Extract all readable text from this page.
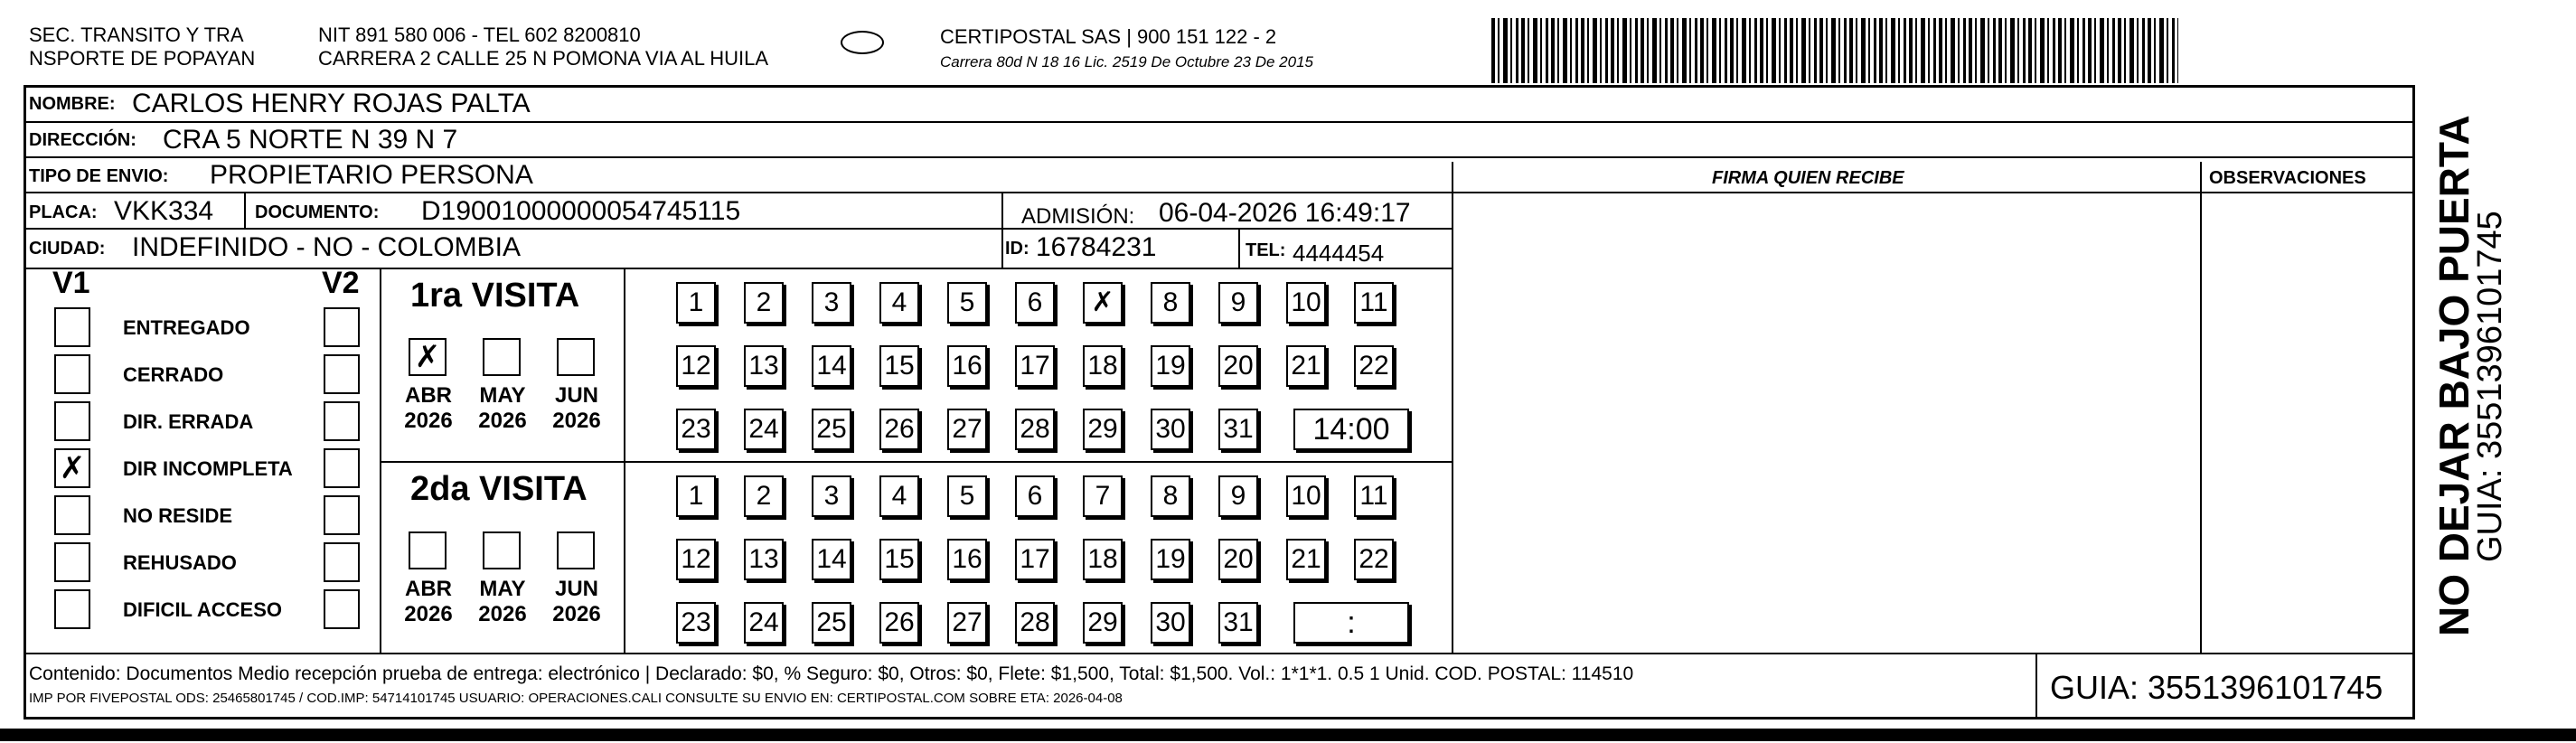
SEC. TRANSITO Y TRA
NSPORTE DE POPAYAN
NIT 891 580 006 - TEL 602 8200810
CARRERA 2 CALLE 25 N POMONA VIA AL HUILA
CERTIPOSTAL SAS | 900 151 122 - 2
Carrera 80d N 18 16 Lic. 2519 De Octubre 23 De 2015
NOMBRE: CARLOS HENRY ROJAS PALTA
DIRECCIÓN: CRA 5 NORTE N 39 N 7
TIPO DE ENVIO: PROPIETARIO PERSONA
PLACA: VKK334 DOCUMENTO: D19001000000054745115	ADMISIÓN: 06-04-2026 16:49:17
CIUDAD: INDEFINIDO - NO - COLOMBIA	ID: 16784231	TEL: 4444454
FIRMA QUIEN RECIBE	OBSERVACIONES
V1	V2
ENTREGADO
CERRADO
DIR. ERRADA
✗ DIR INCOMPLETA
NO RESIDE
REHUSADO
DIFICIL ACCESO
1ra VISITA
✗
ABR
2026
MAY
2026
JUN
2026
1	2	3	4	5	6	✗	8	9	10 11
12 13 14 15 16 17 18 19 20 21 22
23 24 25 26 27 28 29 30 31	14:00
2da VISITA
ABR
2026
MAY
2026
JUN
2026
1	2	3	4	5	6	7	8	9	10 11
12 13 14 15 16 17 18 19 20 21 22
23 24 25 26 27 28 29 30 31	:
Contenido: Documentos Medio recepción prueba de entrega: electrónico | Declarado: $0, % Seguro: $0, Otros: $0, Flete: $1,500, Total: $1,500. Vol.: 1*1*1. 0.5 1 Unid. COD. POSTAL: 114510
IMP POR FIVEPOSTAL ODS: 25465801745 / COD.IMP: 54714101745 USUARIO: OPERACIONES.CALI CONSULTE SU ENVIO EN: CERTIPOSTAL.COM SOBRE ETA: 2026-04-08	GUIA: 3551396101745
NO DEJAR BAJO PUERTA
GUIA: 3551396101745
